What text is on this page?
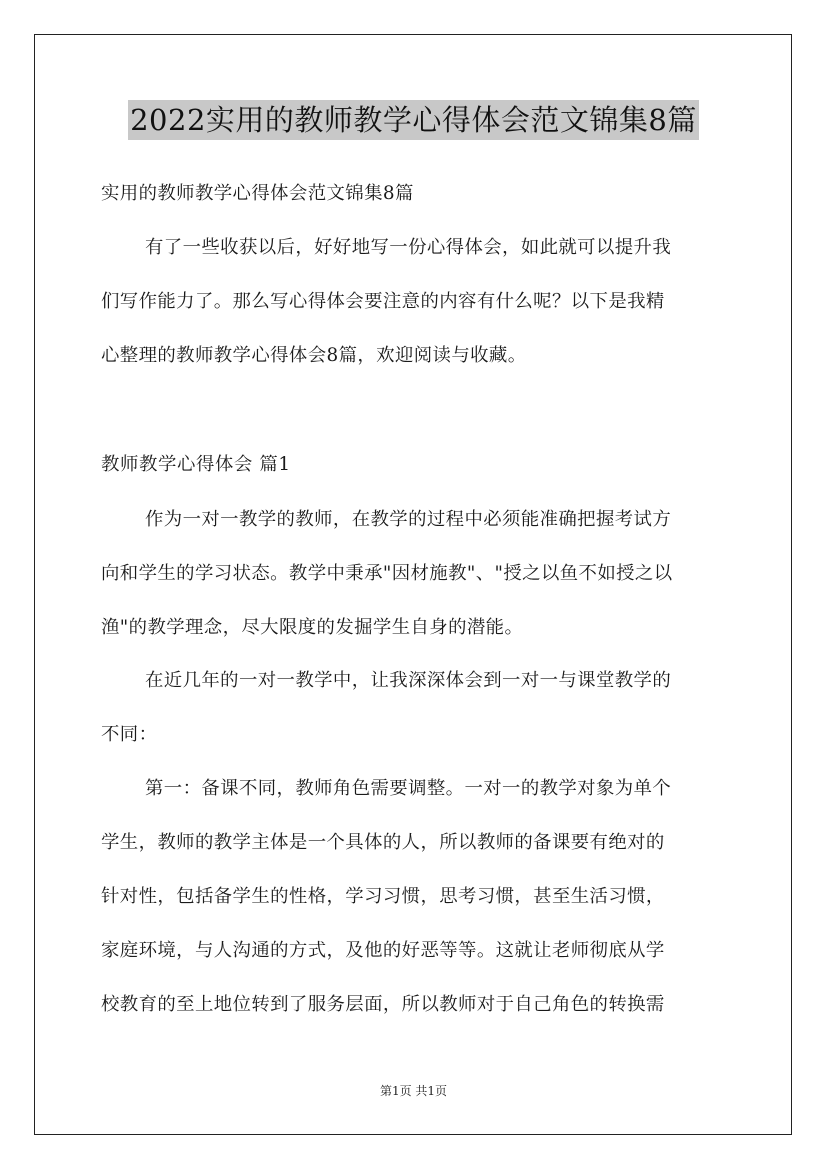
2022实用的教师教学心得体会范文锦集8篇
实用的教师教学心得体会范文锦集8篇
有了一些收获以后，好好地写一份心得体会，如此就可以提升我
们写作能力了。那么写心得体会要注意的内容有什么呢？以下是我精
心整理的教师教学心得体会8篇，欢迎阅读与收藏。
教师教学心得体会 篇1
作为一对一教学的教师，在教学的过程中必须能准确把握考试方
向和学生的学习状态。教学中秉承"因材施教"、"授之以鱼不如授之以
渔"的教学理念，尽大限度的发掘学生自身的潜能。
在近几年的一对一教学中，让我深深体会到一对一与课堂教学的
不同：
第一：备课不同，教师角色需要调整。一对一的教学对象为单个
学生，教师的教学主体是一个具体的人，所以教师的备课要有绝对的
针对性，包括备学生的性格，学习习惯，思考习惯，甚至生活习惯，
家庭环境，与人沟通的方式，及他的好恶等等。这就让老师彻底从学
校教育的至上地位转到了服务层面，所以教师对于自己角色的转换需
第1页 共1页
